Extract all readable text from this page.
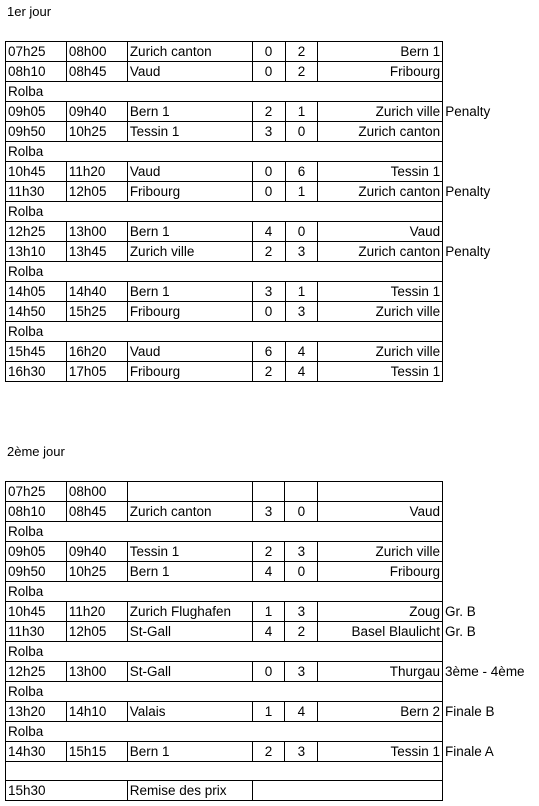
1er jour
07h25	08h00	Zurich canton	0	2	Bern 1	
08h10	08h45	Vaud	0	2	Fribourg	
Rolba						
09h05	09h40	Bern 1	2	1	Zurich ville	Penalty
09h50	10h25	Tessin 1	3	0	Zurich canton	
Rolba						
10h45	11h20	Vaud	0	6	Tessin 1	
11h30	12h05	Fribourg	0	1	Zurich canton	Penalty
Rolba						
12h25	13h00	Bern 1	4	0	Vaud	
13h10	13h45	Zurich ville	2	3	Zurich canton	Penalty
Rolba						
14h05	14h40	Bern 1	3	1	Tessin 1	
14h50	15h25	Fribourg	0	3	Zurich ville	
Rolba						
15h45	16h20	Vaud	6	4	Zurich ville	
16h30	17h05	Fribourg	2	4	Tessin 1	
2ème jour
07h25	08h00					
08h10	08h45	Zurich canton	3	0	Vaud	
Rolba						
09h05	09h40	Tessin 1	2	3	Zurich ville	
09h50	10h25	Bern 1	4	0	Fribourg	
Rolba						
10h45	11h20	Zurich Flughafen	1	3	Zoug	Gr. B
11h30	12h05	St-Gall	4	2	Basel Blaulicht	Gr. B
Rolba						
12h25	13h00	St-Gall	0	3	Thurgau	3ème - 4ème
Rolba						
13h20	14h10	Valais	1	4	Bern 2	Finale B
Rolba						
14h30	15h15	Bern 1	2	3	Tessin 1	Finale A

15h30		Remise des prix				
